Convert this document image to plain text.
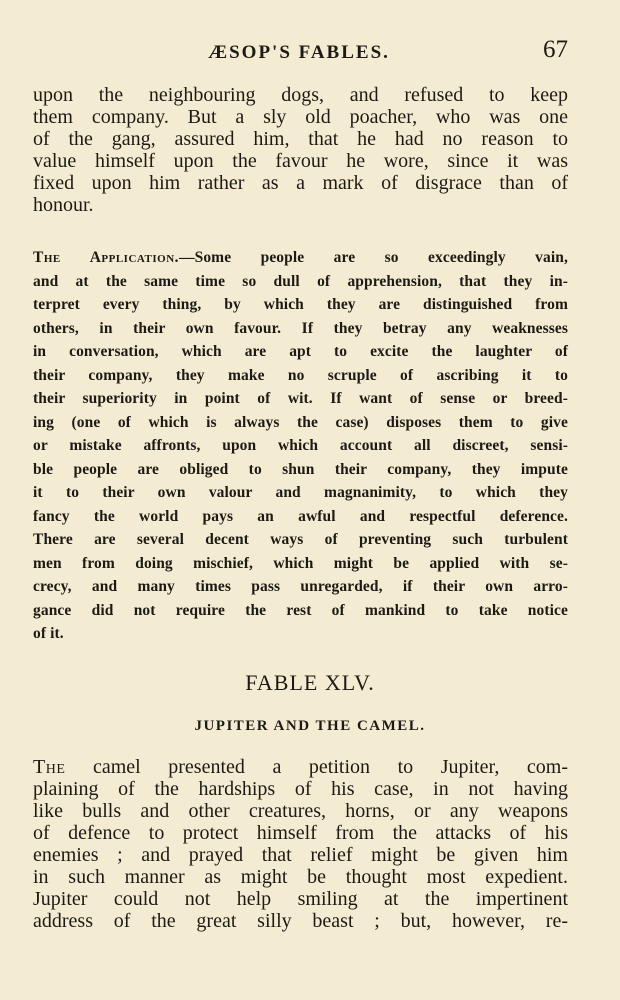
ÆSOP'S FABLES.	67
upon the neighbouring dogs, and refused to keep
them company. But a sly old poacher, who was one
of the gang, assured him, that he had no reason to
value himself upon the favour he wore, since it was
fixed upon him rather as a mark of disgrace than of
honour.
The Application.—Some people are so exceedingly vain,
and at the same time so dull of apprehension, that they in-
terpret every thing, by which they are distinguished from
others, in their own favour. If they betray any weaknesses
in conversation, which are apt to excite the laughter of
their company, they make no scruple of ascribing it to
their superiority in point of wit. If want of sense or breed-
ing (one of which is always the case) disposes them to give
or mistake affronts, upon which account all discreet, sensi-
ble people are obliged to shun their company, they impute
it to their own valour and magnanimity, to which they
fancy the world pays an awful and respectful deference.
There are several decent ways of preventing such turbulent
men from doing mischief, which might be applied with se-
crecy, and many times pass unregarded, if their own arro-
gance did not require the rest of mankind to take notice
of it.
FABLE XLV.
JUPITER AND THE CAMEL.
The camel presented a petition to Jupiter, com-
plaining of the hardships of his case, in not having
like bulls and other creatures, horns, or any weapons
of defence to protect himself from the attacks of his
enemies ; and prayed that relief might be given him
in such manner as might be thought most expedient.
Jupiter could not help smiling at the impertinent
address of the great silly beast ; but, however, re-
